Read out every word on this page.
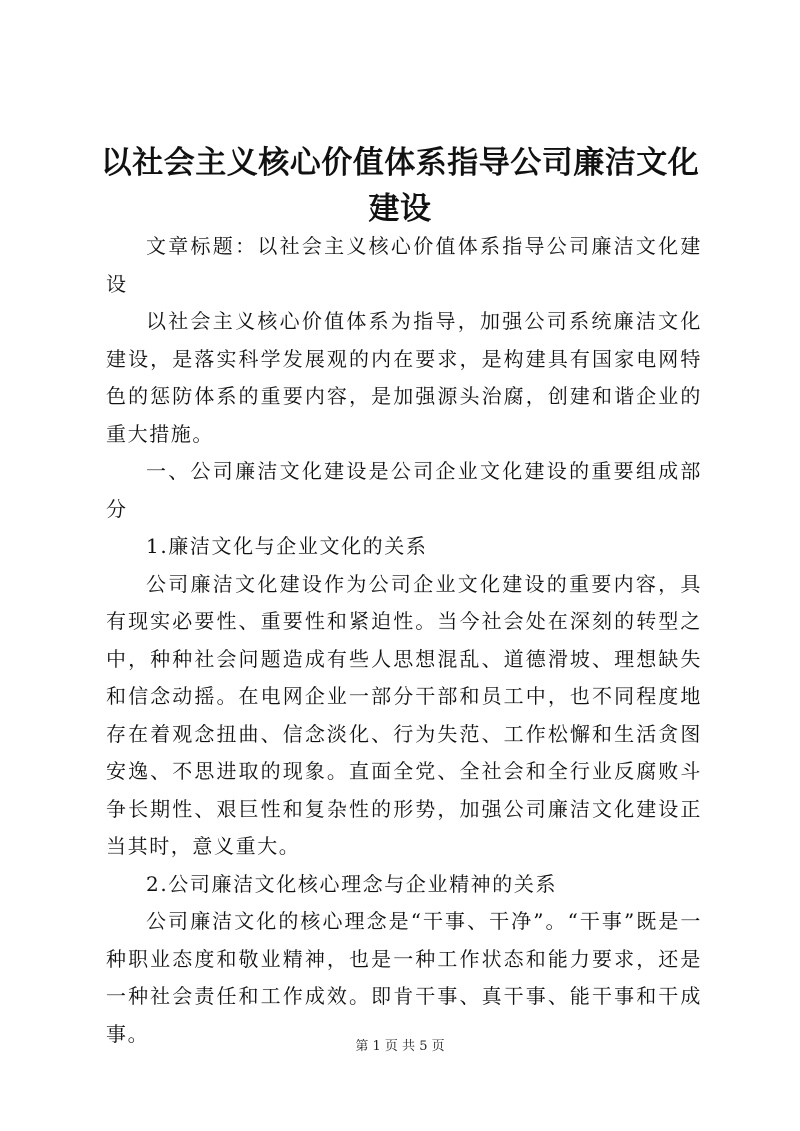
以社会主义核心价值体系指导公司廉洁文化建设

文章标题：以社会主义核心价值体系指导公司廉洁文化建设

以社会主义核心价值体系为指导，加强公司系统廉洁文化建设，是落实科学发展观的内在要求，是构建具有国家电网特色的惩防体系的重要内容，是加强源头治腐，创建和谐企业的重大措施。

一、公司廉洁文化建设是公司企业文化建设的重要组成部分

1.廉洁文化与企业文化的关系

公司廉洁文化建设作为公司企业文化建设的重要内容，具有现实必要性、重要性和紧迫性。当今社会处在深刻的转型之中，种种社会问题造成有些人思想混乱、道德滑坡、理想缺失和信念动摇。在电网企业一部分干部和员工中，也不同程度地存在着观念扭曲、信念淡化、行为失范、工作松懈和生活贪图安逸、不思进取的现象。直面全党、全社会和全行业反腐败斗争长期性、艰巨性和复杂性的形势，加强公司廉洁文化建设正当其时，意义重大。

2.公司廉洁文化核心理念与企业精神的关系

公司廉洁文化的核心理念是“干事、干净”。“干事”既是一种职业态度和敬业精神，也是一种工作状态和能力要求，还是一种社会责任和工作成效。即肯干事、真干事、能干事和干成事。

第 1 页 共 5 页
